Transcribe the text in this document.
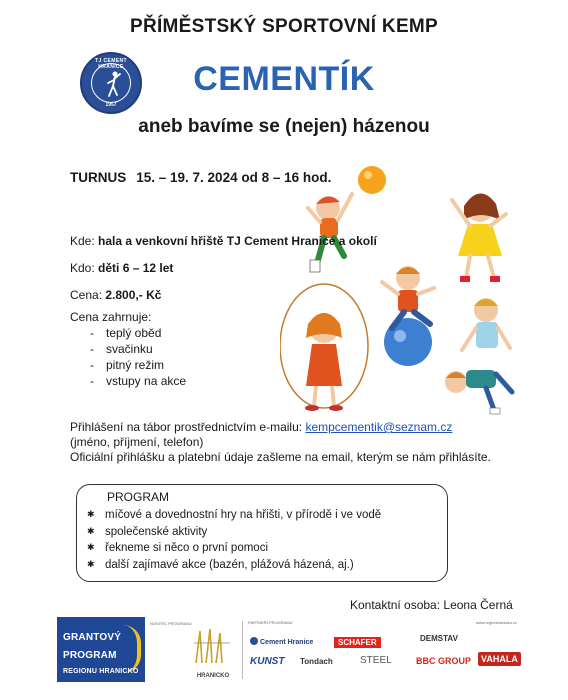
PŘÍMĚSTSKÝ SPORTOVNÍ KEMP
TJ CEMENT HRANICE
1957
CEMENTÍK
aneb bavíme se (nejen) házenou
TURNUS 15. – 19. 7. 2024 od 8 – 16 hod.
Kde: hala a venkovní hřiště TJ Cement Hranice a okolí
Kdo: děti 6 – 12 let
Cena: 2.800,- Kč
Cena zahrnuje:
- teplý oběd
- svačinku
- pitný režim
- vstupy na akce
Přihlášení na tábor prostřednictvím e-mailu: kempcementik@seznam.cz
(jméno, příjmení, telefon)
Oficiální přihlášku a platební údaje zašleme na email, kterým se nám přihlásíte.
PROGRAM
✱ míčové a dovednostní hry na hřišti, v přírodě i ve vodě
✱ společenské aktivity
✱ řekneme si něco o první pomoci
✱ další zajímavé akce (bazén, plážová házená, aj.)
Kontaktní osoba: Leona Černá
GRANTOVÝ
PROGRAM
REGIONU HRANICKO
NOSITEL PROGRAMU
HRANICKO
PARTNEŘI PROGRAMU	www.regionhranicko.cz
Cement Hranice	SCHAFER	DEMSTAV
KUNST Tondach	STEEL	BBC GROUP	VAHALA
